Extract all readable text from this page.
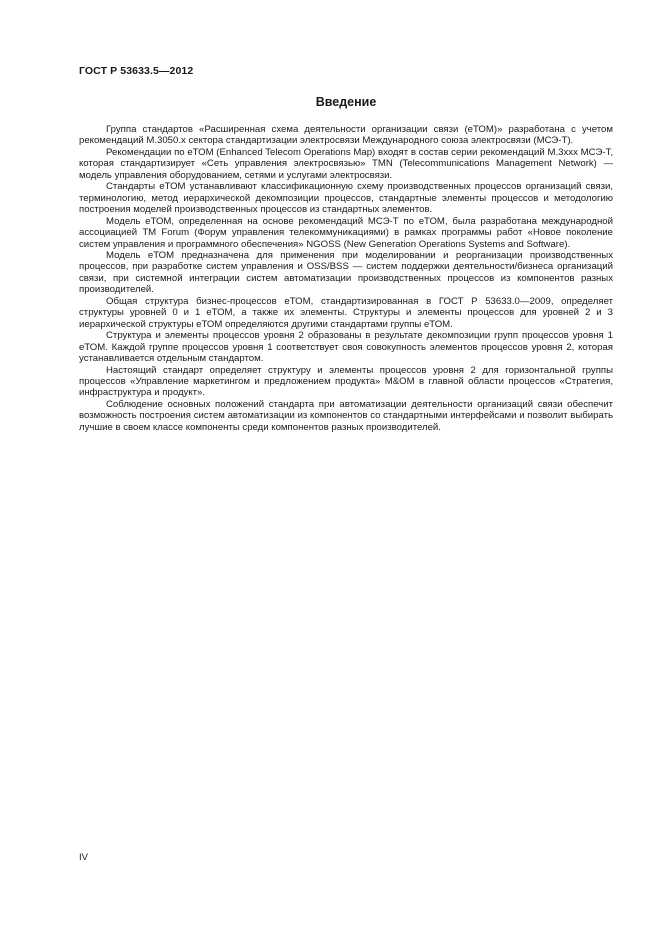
ГОСТ Р 53633.5—2012
Введение

Группа стандартов «Расширенная схема деятельности организации связи (еТОМ)» разработана с учетом рекомендаций М.3050.х сектора стандартизации электросвязи Международного союза электросвязи (МСЭ-Т).

Рекомендации по еТОМ (Enhanced Telecom Operations Map) входят в состав серии рекомендаций М.3ххх МСЭ-Т, которая стандартизирует «Сеть управления электросвязью» TMN (Telecommunications Management Network) — модель управления оборудованием, сетями и услугами электросвязи.

Стандарты еТОМ устанавливают классификационную схему производственных процессов организаций связи, терминологию, метод иерархической декомпозиции процессов, стандартные элементы процессов и методологию построения моделей производственных процессов из стандартных элементов.

Модель еТОМ, определенная на основе рекомендаций МСЭ-Т по еТОМ, была разработана международной ассоциацией ТМ Forum (Форум управления телекоммуникациями) в рамках программы работ «Новое поколение систем управления и программного обеспечения» NGOSS (New Generation Operations Systems and Software).

Модель еТОМ предназначена для применения при моделировании и реорганизации производственных процессов, при разработке систем управления и OSS/BSS — систем поддержки деятельности/бизнеса организаций связи, при системной интеграции систем автоматизации производственных процессов из компонентов разных производителей.

Общая структура бизнес-процессов еТОМ, стандартизированная в ГОСТ Р 53633.0—2009, определяет структуры уровней 0 и 1 еТОМ, а также их элементы. Структуры и элементы процессов для уровней 2 и 3 иерархической структуры еТОМ определяются другими стандартами группы еТОМ.

Структура и элементы процессов уровня 2 образованы в результате декомпозиции групп процессов уровня 1 еТОМ. Каждой группе процессов уровня 1 соответствует своя совокупность элементов процессов уровня 2, которая устанавливается отдельным стандартом.

Настоящий стандарт определяет структуру и элементы процессов уровня 2 для горизонтальной группы процессов «Управление маркетингом и предложением продукта» M&OM в главной области процессов «Стратегия, инфраструктура и продукт».

Соблюдение основных положений стандарта при автоматизации деятельности организаций связи обеспечит возможность построения систем автоматизации из компонентов со стандартными интерфейсами и позволит выбирать лучшие в своем классе компоненты среди компонентов разных производителей.

IV
